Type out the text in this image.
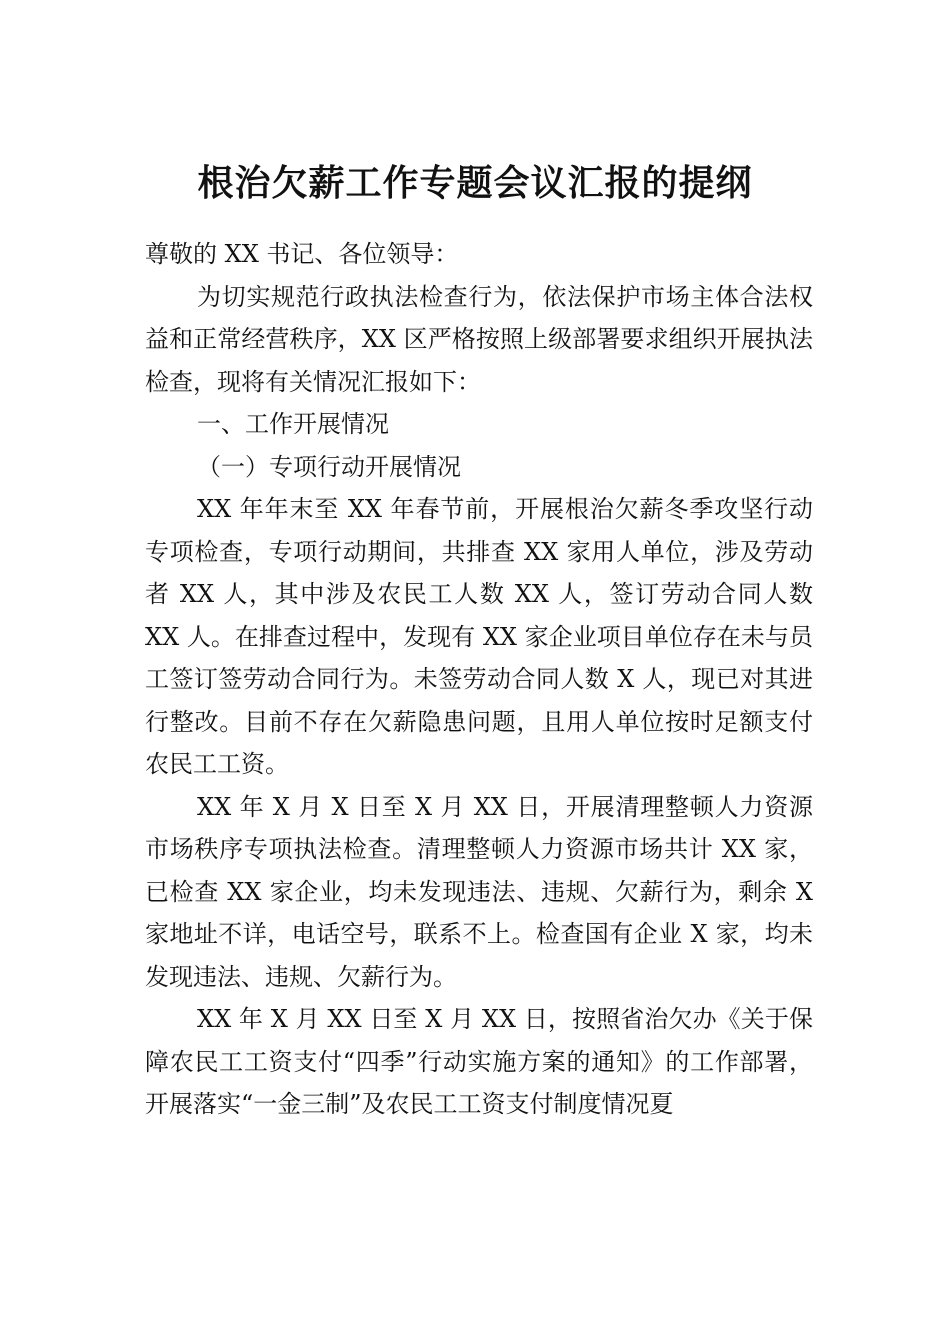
根治欠薪工作专题会议汇报的提纲

尊敬的 XX 书记、各位领导：

为切实规范行政执法检查行为，依法保护市场主体合法权益和正常经营秩序，XX 区严格按照上级部署要求组织开展执法检查，现将有关情况汇报如下：

一、工作开展情况

（一）专项行动开展情况

XX 年年末至 XX 年春节前，开展根治欠薪冬季攻坚行动专项检查，专项行动期间，共排查 XX 家用人单位，涉及劳动者 XX 人，其中涉及农民工人数 XX 人，签订劳动合同人数 XX 人。在排查过程中，发现有 XX 家企业项目单位存在未与员工签订签劳动合同行为。未签劳动合同人数 X 人，现已对其进行整改。目前不存在欠薪隐患问题，且用人单位按时足额支付农民工工资。

XX 年 X 月 X 日至 X 月 XX 日，开展清理整顿人力资源市场秩序专项执法检查。清理整顿人力资源市场共计 XX 家，已检查 XX 家企业，均未发现违法、违规、欠薪行为，剩余 X 家地址不详，电话空号，联系不上。检查国有企业 X 家，均未发现违法、违规、欠薪行为。

XX 年 X 月 XX 日至 X 月 XX 日，按照省治欠办《关于保障农民工工资支付“四季”行动实施方案的通知》的工作部署，开展落实“一金三制”及农民工工资支付制度情况夏
